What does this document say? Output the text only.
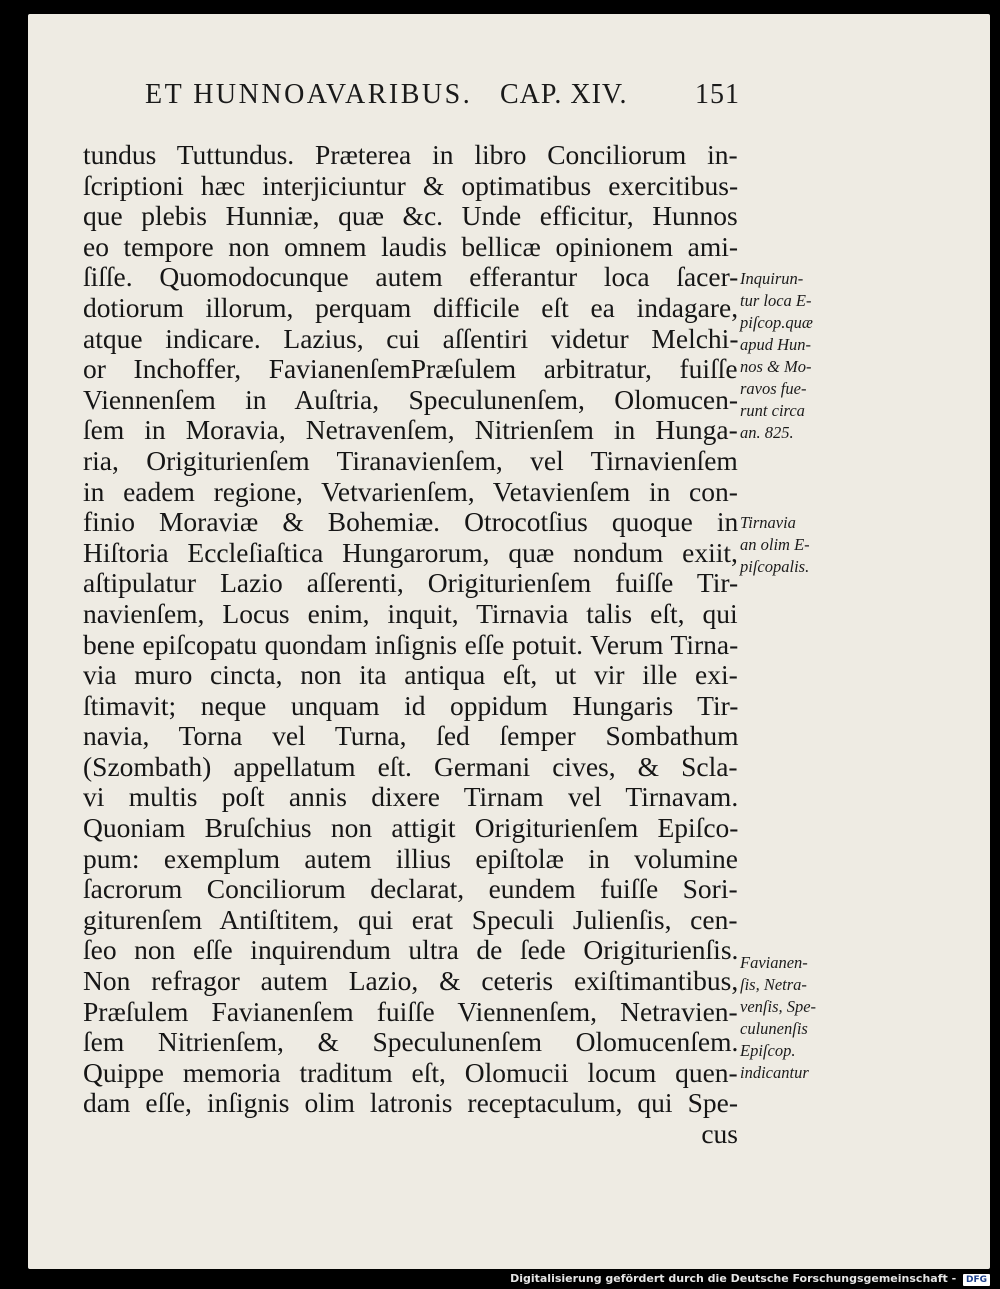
ET HUNNOAVARIBUS. CAP. XIV. 151
tundus Tuttundus. Præterea in libro Conciliorum in-
ſcriptioni hæc interjiciuntur & optimatibus exercitibus-
que plebis Hunniæ, quæ &c. Unde efficitur, Hunnos
eo tempore non omnem laudis bellicæ opinionem ami-
ſiſſe. Quomodocunque autem efferantur loca ſacer-
dotiorum illorum, perquam difficile eſt ea indagare,
atque indicare. Lazius, cui aſſentiri videtur Melchi-
or Inchoffer, FavianenſemPræſulem arbitratur, fuiſſe
Viennenſem in Auſtria, Speculunenſem, Olomucen-
ſem in Moravia, Netravenſem, Nitrienſem in Hunga-
ria, Origiturienſem Tiranavienſem, vel Tirnavienſem
in eadem regione, Vetvarienſem, Vetavienſem in con-
finio Moraviæ & Bohemiæ. Otrocotſius quoque in
Hiſtoria Eccleſiaſtica Hungarorum, quæ nondum exiit,
aſtipulatur Lazio aſſerenti, Origiturienſem fuiſſe Tir-
navienſem, Locus enim, inquit, Tirnavia talis eſt, qui
bene epiſcopatu quondam inſignis eſſe potuit. Verum Tirna-
via muro cincta, non ita antiqua eſt, ut vir ille exi-
ſtimavit; neque unquam id oppidum Hungaris Tir-
navia, Torna vel Turna, ſed ſemper Sombathum
(Szombath) appellatum eſt. Germani cives, & Scla-
vi multis poſt annis dixere Tirnam vel Tirnavam.
Quoniam Bruſchius non attigit Origiturienſem Epiſco-
pum: exemplum autem illius epiſtolæ in volumine
ſacrorum Conciliorum declarat, eundem fuiſſe Sori-
giturenſem Antiſtitem, qui erat Speculi Julienſis, cen-
ſeo non eſſe inquirendum ultra de ſede Origiturienſis.
Non refragor autem Lazio, & ceteris exiſtimantibus,
Præſulem Favianenſem fuiſſe Viennenſem, Netravien-
ſem Nitrienſem, & Speculunenſem Olomucenſem.
Quippe memoria traditum eſt, Olomucii locum quen-
dam eſſe, inſignis olim latronis receptaculum, qui Spe-
cus
Inquirun-
tur loca E-
piſcop.quæ
apud Hun-
nos & Mo-
ravos fue-
runt circa
an. 825.
Tirnavia
an olim E-
piſcopalis.
Favianen-
ſis, Netra-
venſis, Spe-
culunenſis
Epiſcop.
indicantur
Digitalisierung gefördert durch die Deutsche Forschungsgemeinschaft - DFG
